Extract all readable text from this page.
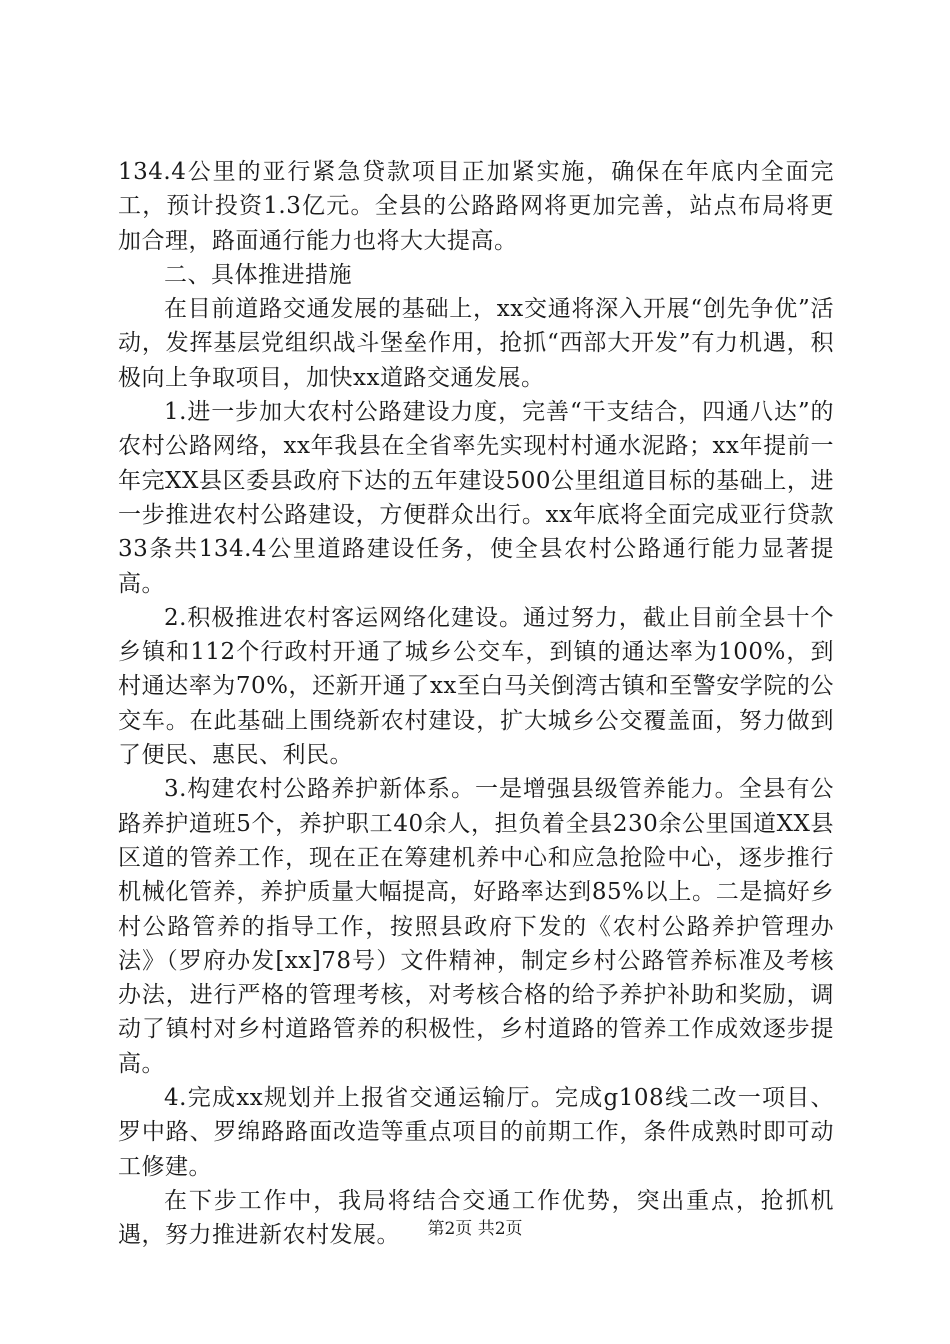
134.4公里的亚行紧急贷款项目正加紧实施，确保在年底内全面完工，预计投资1.3亿元。全县的公路路网将更加完善，站点布局将更加合理，路面通行能力也将大大提高。

二、具体推进措施

在目前道路交通发展的基础上，xx交通将深入开展“创先争优”活动，发挥基层党组织战斗堡垒作用，抢抓“西部大开发”有力机遇，积极向上争取项目，加快xx道路交通发展。

1.进一步加大农村公路建设力度，完善“干支结合，四通八达”的农村公路网络，xx年我县在全省率先实现村村通水泥路；xx年提前一年完XX县区委县政府下达的五年建设500公里组道目标的基础上，进一步推进农村公路建设，方便群众出行。xx年底将全面完成亚行贷款33条共134.4公里道路建设任务，使全县农村公路通行能力显著提高。

2.积极推进农村客运网络化建设。通过努力，截止目前全县十个乡镇和112个行政村开通了城乡公交车，到镇的通达率为100%，到村通达率为70%，还新开通了xx至白马关倒湾古镇和至警安学院的公交车。在此基础上围绕新农村建设，扩大城乡公交覆盖面，努力做到了便民、惠民、利民。

3.构建农村公路养护新体系。一是增强县级管养能力。全县有公路养护道班5个，养护职工40余人，担负着全县230余公里国道XX县区道的管养工作，现在正在筹建机养中心和应急抢险中心，逐步推行机械化管养，养护质量大幅提高，好路率达到85%以上。二是搞好乡村公路管养的指导工作，按照县政府下发的《农村公路养护管理办法》（罗府办发[xx]78号）文件精神，制定乡村公路管养标准及考核办法，进行严格的管理考核，对考核合格的给予养护补助和奖励，调动了镇村对乡村道路管养的积极性，乡村道路的管养工作成效逐步提高。

4.完成xx规划并上报省交通运输厅。完成g108线二改一项目、罗中路、罗绵路路面改造等重点项目的前期工作，条件成熟时即可动工修建。

在下步工作中，我局将结合交通工作优势，突出重点，抢抓机遇，努力推进新农村发展。	第2页 共2页
